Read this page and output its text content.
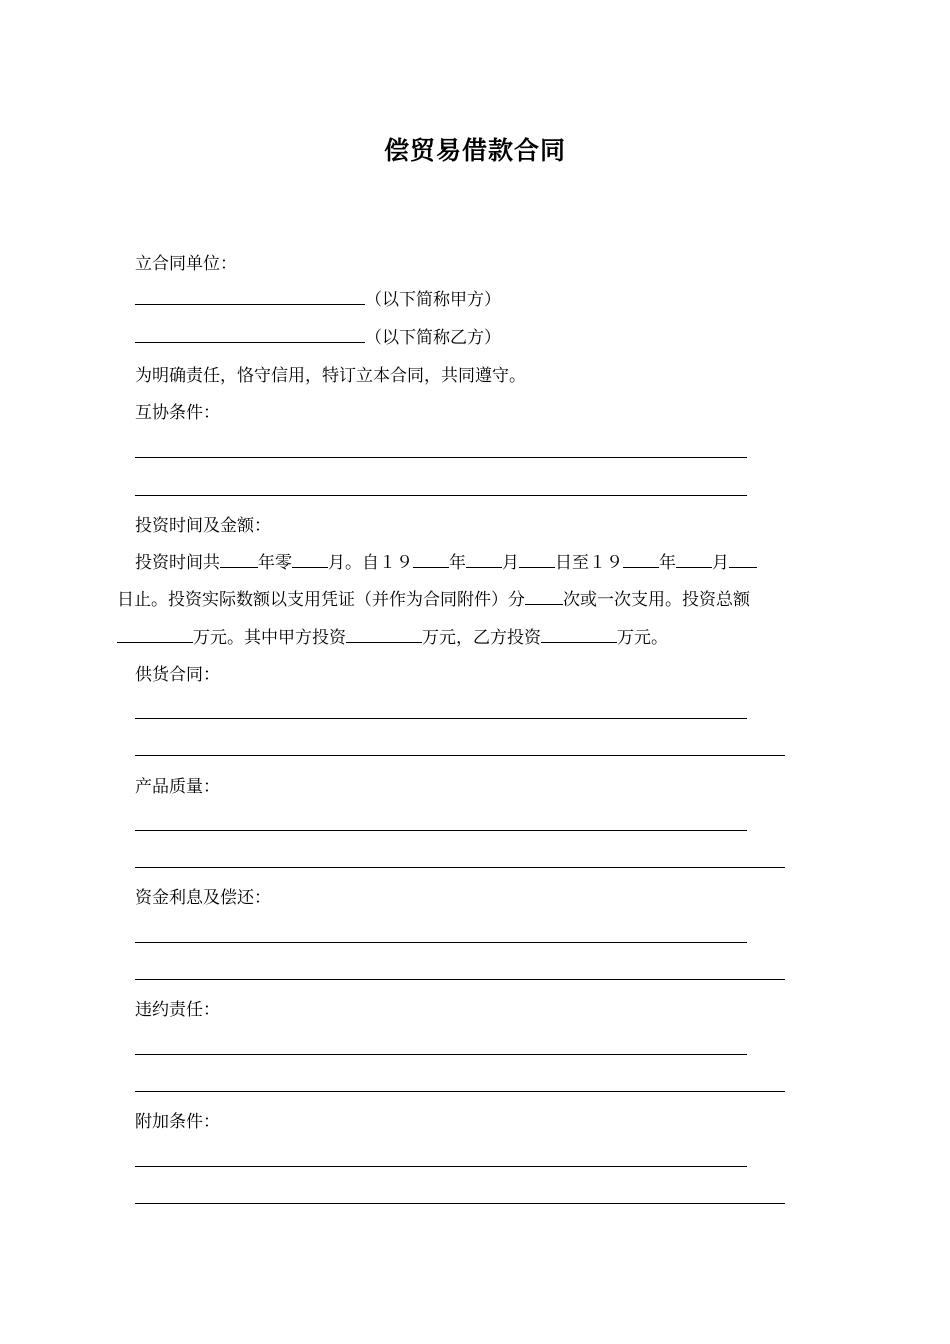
偿贸易借款合同
立合同单位：
（以下简称甲方）
（以下简称乙方）
为明确责任，恪守信用，特订立本合同，共同遵守。
互协条件：
投资时间及金额：
投资时间共 年零 月。自１９ 年 月 日至１９ 年 月
日止。投资实际数额以支用凭证（并作为合同附件）分 次或一次支用。投资总额
万元。其中甲方投资	万元，乙方投资	万元。
供货合同：
产品质量：
资金利息及偿还：
违约责任：
附加条件：
